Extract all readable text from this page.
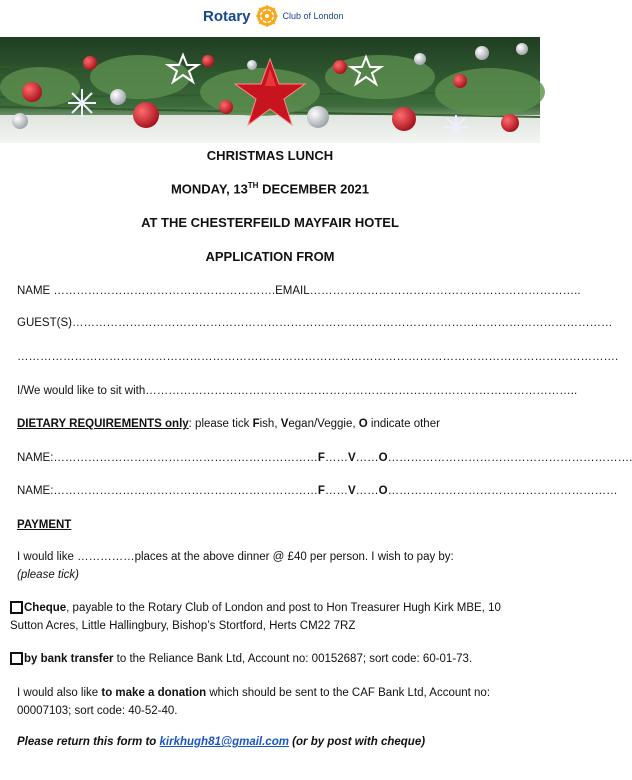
Rotary	Club of London
CHRISTMAS LUNCH
MONDAY, 13TH DECEMBER 2021
AT THE CHESTERFEILD MAYFAIR HOTEL
APPLICATION FROM
NAME ………………………………………………….EMAIL……………………………………………………………..
GUEST(S)……………………………………………………………………………………………………………………………
………………………………………………………………………………………………………………………………………….
I/We would like to sit with…………………………………………………………………………………………………..
DIETARY REQUIREMENTS only: please tick Fish, Vegan/Veggie, O indicate other
NAME:……………………………………………………………F……V……O……………………………………………………….
NAME:……………………………………………………………F……V……O……………………………………………………
PAYMENT
I would like ……………places at the above dinner @ £40 per person. I wish to pay by:
(please tick)
Cheque, payable to the Rotary Club of London and post to Hon Treasurer Hugh Kirk MBE, 10 Sutton Acres, Little Hallingbury, Bishop’s Stortford, Herts CM22 7RZ
by bank transfer to the Reliance Bank Ltd, Account no: 00152687; sort code: 60-01-73.
I would also like to make a donation which should be sent to the CAF Bank Ltd, Account no: 00007103; sort code: 40-52-40.
Please return this form to kirkhugh81@gmail.com (or by post with cheque)
